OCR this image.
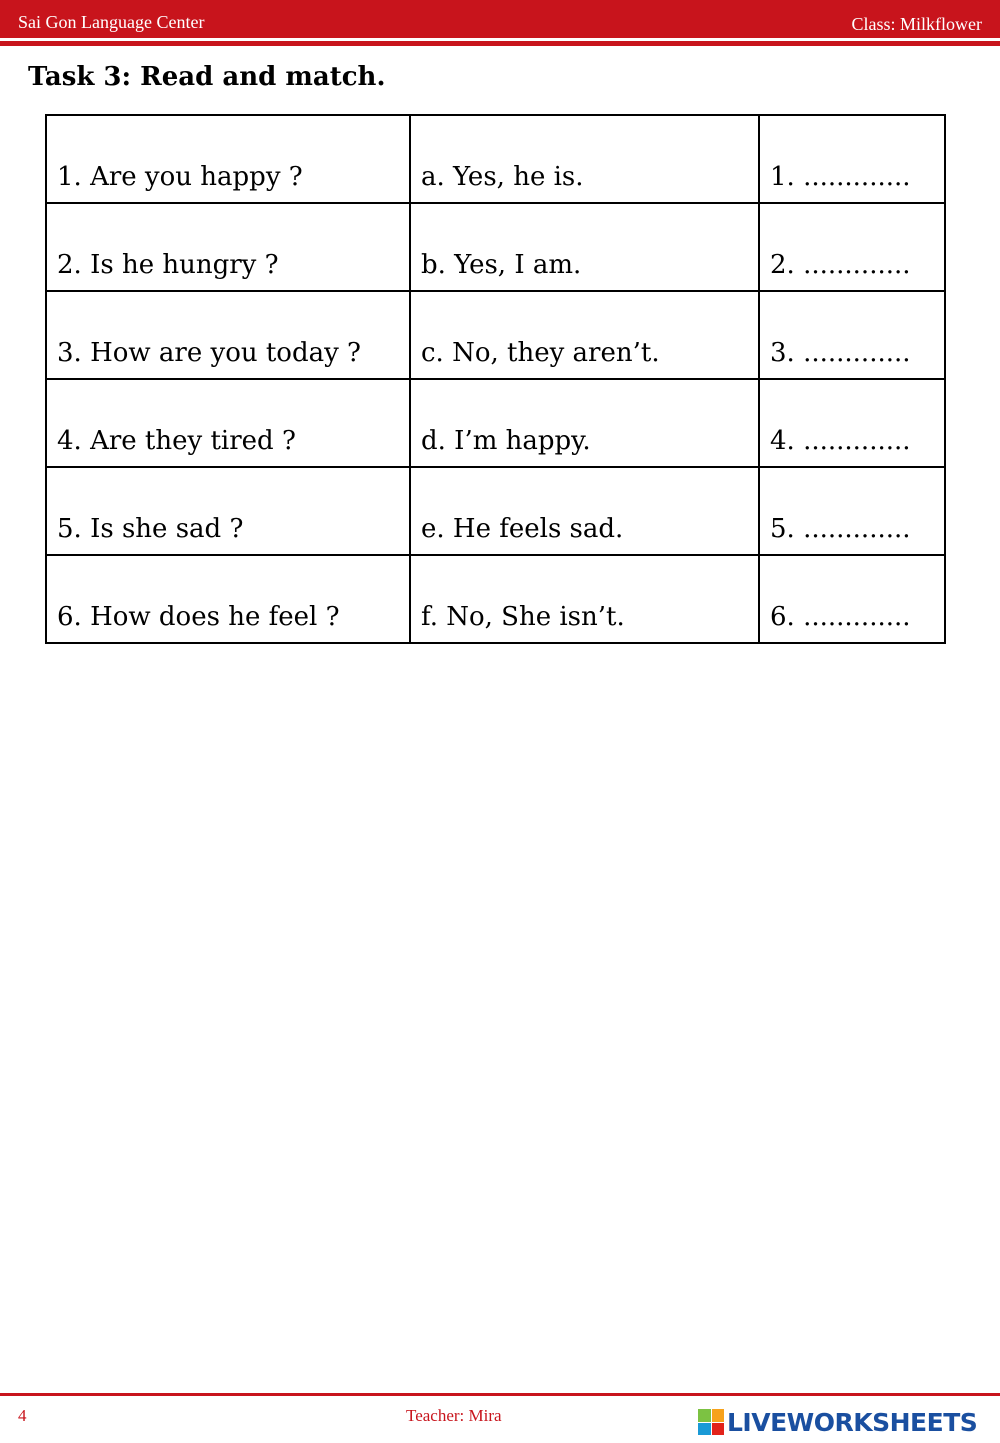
Sai Gon Language Center	Class: Milkflower
Task 3: Read and match.
1. Are you happy ?	a. Yes, he is.	1. .............
2. Is he hungry ?	b. Yes, I am.	2. .............
3. How are you today ?	c. No, they aren’t.	3. .............
4. Are they tired ?	d. I’m happy.	4. .............
5. Is she sad ?	e. He feels sad.	5. .............
6. How does he feel ?	f. No, She isn’t.	6. .............
4	Teacher: Mira	LIVEWORKSHEETS
